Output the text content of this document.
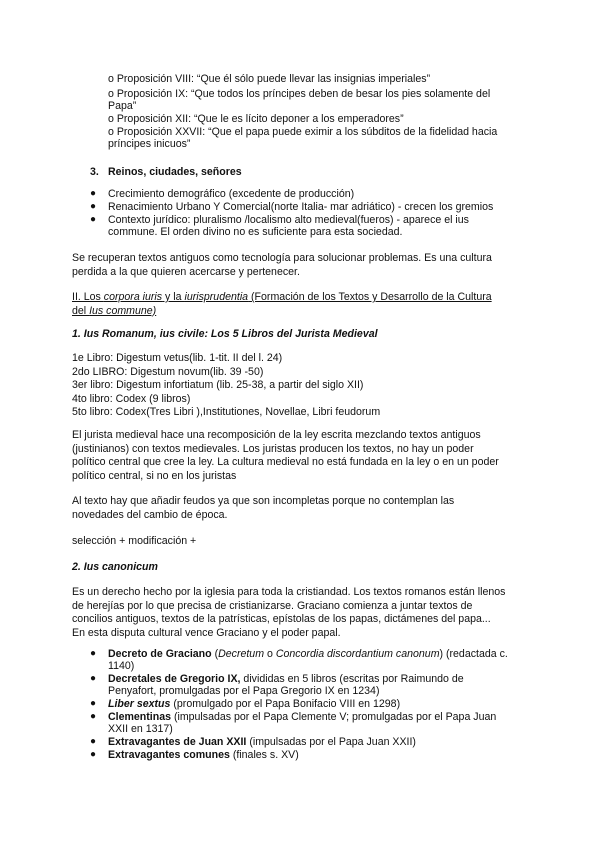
o Proposición VIII: “Que él sólo puede llevar las insignias imperiales”
o Proposición IX: “Que todos los príncipes deben de besar los pies solamente del
Papa”
o Proposición XII: “Que le es lícito deponer a los emperadores”
o Proposición XXVII: “Que el papa puede eximir a los súbditos de la fidelidad hacia
príncipes inicuos”
3. Reinos, ciudades, señores
● Crecimiento demográfico (excedente de producción)
● Renacimiento Urbano Y Comercial(norte Italia- mar adriático) - crecen los gremios
● Contexto jurídico: pluralismo /localismo alto medieval(fueros) - aparece el ius
commune. El orden divino no es suficiente para esta sociedad.
Se recuperan textos antiguos como tecnología para solucionar problemas. Es una cultura
perdida a la que quieren acercarse y pertenecer.
II. Los corpora iuris y la iurisprudentia (Formación de los Textos y Desarrollo de la Cultura
del Ius commune)
1. Ius Romanum, ius civile: Los 5 Libros del Jurista Medieval
1e Libro: Digestum vetus(lib. 1-tit. II del l. 24)
2do LIBRO: Digestum novum(lib. 39 -50)
3er libro: Digestum infortiatum (lib. 25-38, a partir del siglo XII)
4to libro: Codex (9 libros)
5to libro: Codex(Tres Libri ),Institutiones, Novellae, Libri feudorum
El jurista medieval hace una recomposición de la ley escrita mezclando textos antiguos
(justinianos) con textos medievales. Los juristas producen los textos, no hay un poder
político central que cree la ley. La cultura medieval no está fundada en la ley o en un poder
político central, si no en los juristas
Al texto hay que añadir feudos ya que son incompletas porque no contemplan las
novedades del cambio de época.
selección + modificación +
2. Ius canonicum
Es un derecho hecho por la iglesia para toda la cristiandad. Los textos romanos están llenos
de herejías por lo que precisa de cristianizarse. Graciano comienza a juntar textos de
concilios antiguos, textos de la patrísticas, epístolas de los papas, dictámenes del papa...
En esta disputa cultural vence Graciano y el poder papal.
● Decreto de Graciano (Decretum o Concordia discordantium canonum) (redactada c.
1140)
● Decretales de Gregorio IX, divididas en 5 libros (escritas por Raimundo de
Penyafort, promulgadas por el Papa Gregorio IX en 1234)
● Liber sextus (promulgado por el Papa Bonifacio VIII en 1298)
● Clementinas (impulsadas por el Papa Clemente V; promulgadas por el Papa Juan
XXII en 1317)
● Extravagantes de Juan XXII (impulsadas por el Papa Juan XXII)
● Extravagantes comunes (finales s. XV)
